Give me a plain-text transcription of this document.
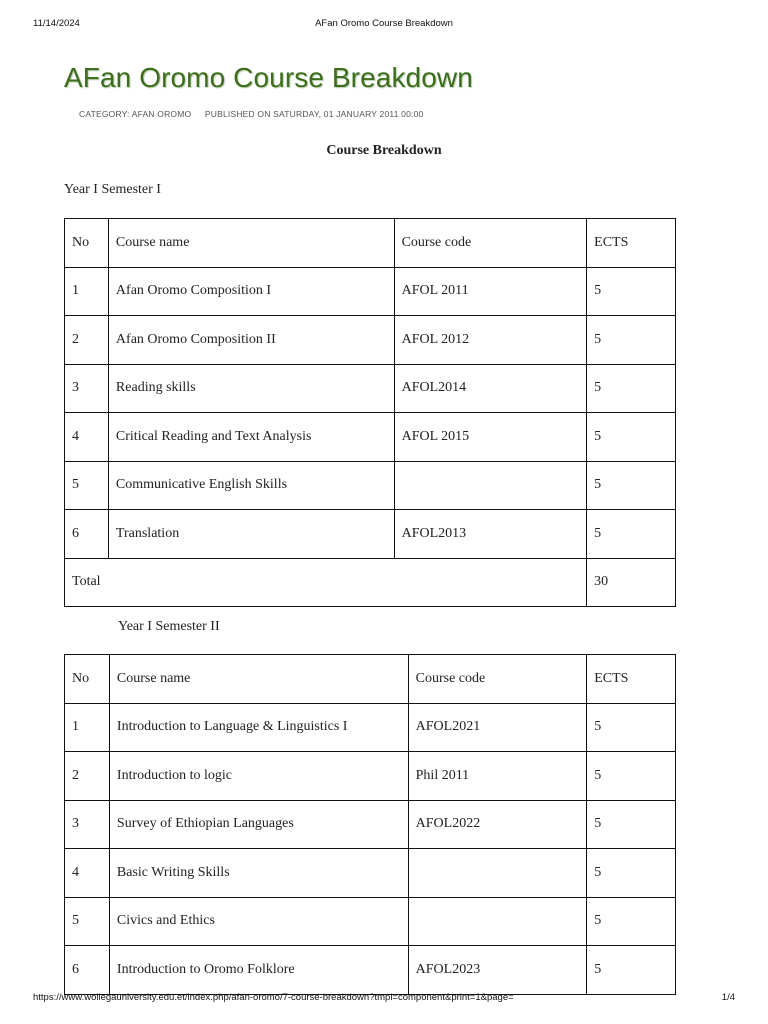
11/14/2024	AFan Oromo Course Breakdown
AFan Oromo Course Breakdown
CATEGORY: AFAN OROMO PUBLISHED ON SATURDAY, 01 JANUARY 2011 00:00
Course Breakdown
Year I Semester I
No	Course name	Course code	ECTS
1	Afan Oromo Composition I	AFOL 2011	5
2	Afan Oromo Composition II	AFOL 2012	5
3	Reading skills	AFOL2014	5
4	Critical Reading and Text Analysis	AFOL 2015	5
5	Communicative English Skills		5
6	Translation	AFOL2013	5
Total			30
Year I Semester II
No	Course name	Course code	ECTS
1	Introduction to Language & Linguistics I	AFOL2021	5
2	Introduction to logic	Phil 2011	5
3	Survey of Ethiopian Languages	AFOL2022	5
4	Basic Writing Skills		5
5	Civics and Ethics		5
6	Introduction to Oromo Folklore	AFOL2023	5
https://www.wollegauniversity.edu.et/index.php/afan-oromo/7-course-breakdown?tmpl=component&print=1&page=	1/4
